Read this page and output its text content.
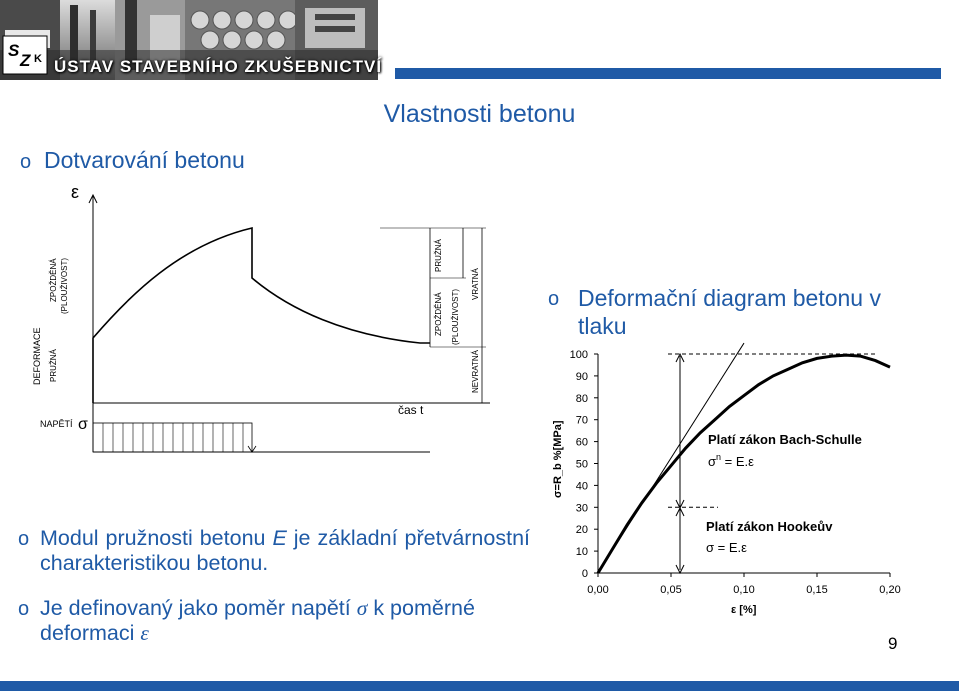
S
Z K ÚSTAV STAVEBNÍHO ZKUŠEBNICTVÍ
Vlastnosti betonu
o Dotvarování betonu
ε
DEFORMACE PRUŽNÁ
ZPOŽDĚNÁ (PLOUŽIVOST)
ZPOŽDĚNÁ (PLOUŽIVOST)
PRUŽNÁ
VRATNÁ
NEVRATNÁ
NAPĚTÍ σ
čas t
o Deformační diagram betonu v tlaku
σ=R_b %[MPa]
ε [%]
Platí zákon Bach-Schulle
$\sigma^n = E.\varepsilon$
Platí zákon Hookeův
σ = E.ε
0
10
20
30
40
50
60
70
80
90
100
0,00	0,05	0,10	0,15	0,20
o Modul pružnosti betonu E je základní přetvárnostní charakteristikou betonu.
o Je definovaný jako poměr napětí σ k poměrné deformaci ε	9
